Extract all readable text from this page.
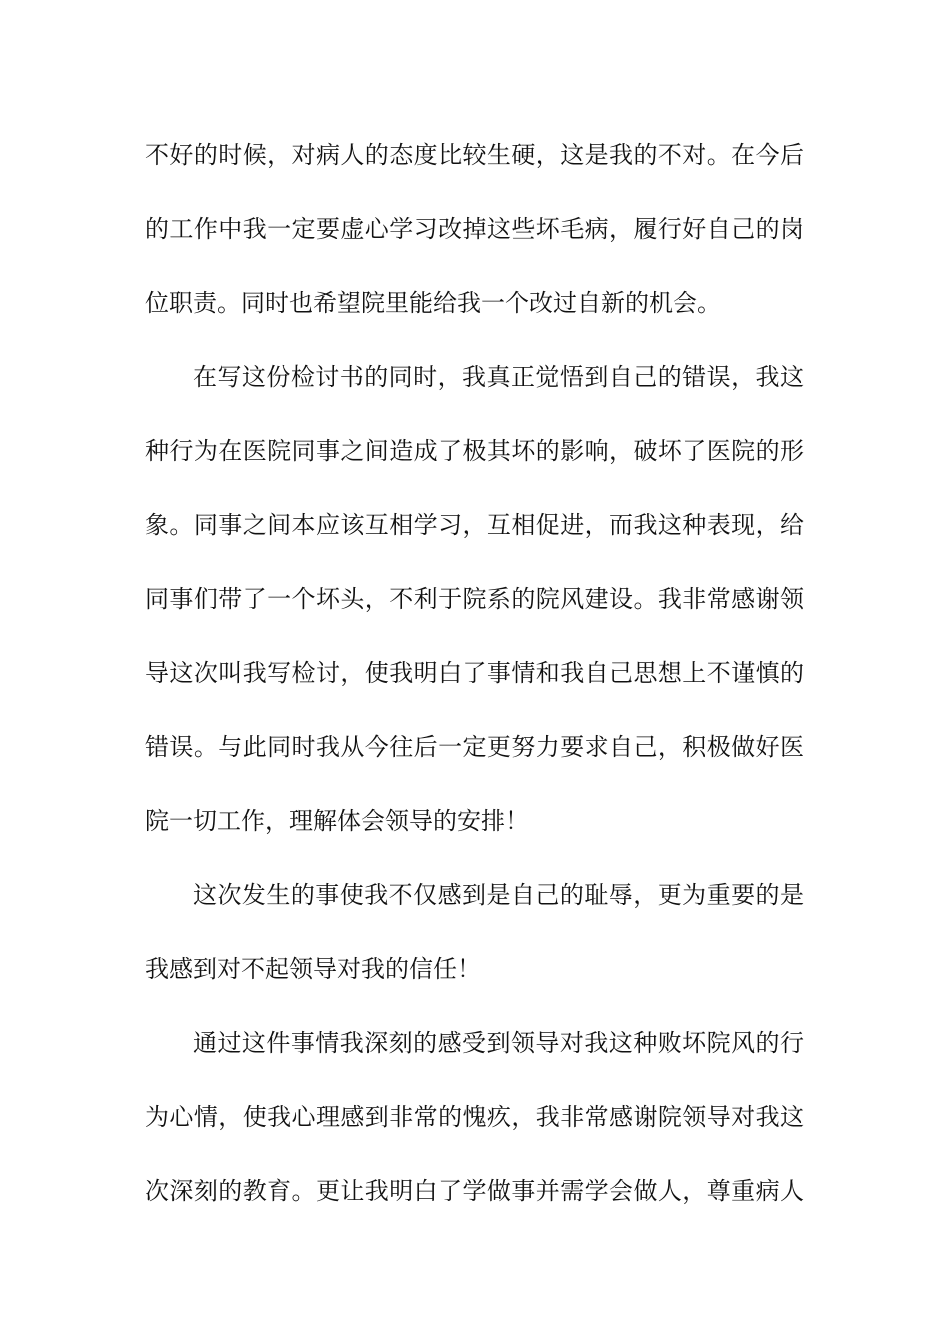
不好的时候，对病人的态度比较生硬，这是我的不对。在今后
的工作中我一定要虚心学习改掉这些坏毛病，履行好自己的岗
位职责。同时也希望院里能给我一个改过自新的机会。
在写这份检讨书的同时，我真正觉悟到自己的错误，我这
种行为在医院同事之间造成了极其坏的影响，破坏了医院的形
象。同事之间本应该互相学习，互相促进，而我这种表现，给
同事们带了一个坏头，不利于院系的院风建设。我非常感谢领
导这次叫我写检讨，使我明白了事情和我自己思想上不谨慎的
错误。与此同时我从今往后一定更努力要求自己，积极做好医
院一切工作，理解体会领导的安排！
这次发生的事使我不仅感到是自己的耻辱，更为重要的是
我感到对不起领导对我的信任！
通过这件事情我深刻的感受到领导对我这种败坏院风的行
为心情，使我心理感到非常的愧疚，我非常感谢院领导对我这
次深刻的教育。更让我明白了学做事并需学会做人，尊重病人
